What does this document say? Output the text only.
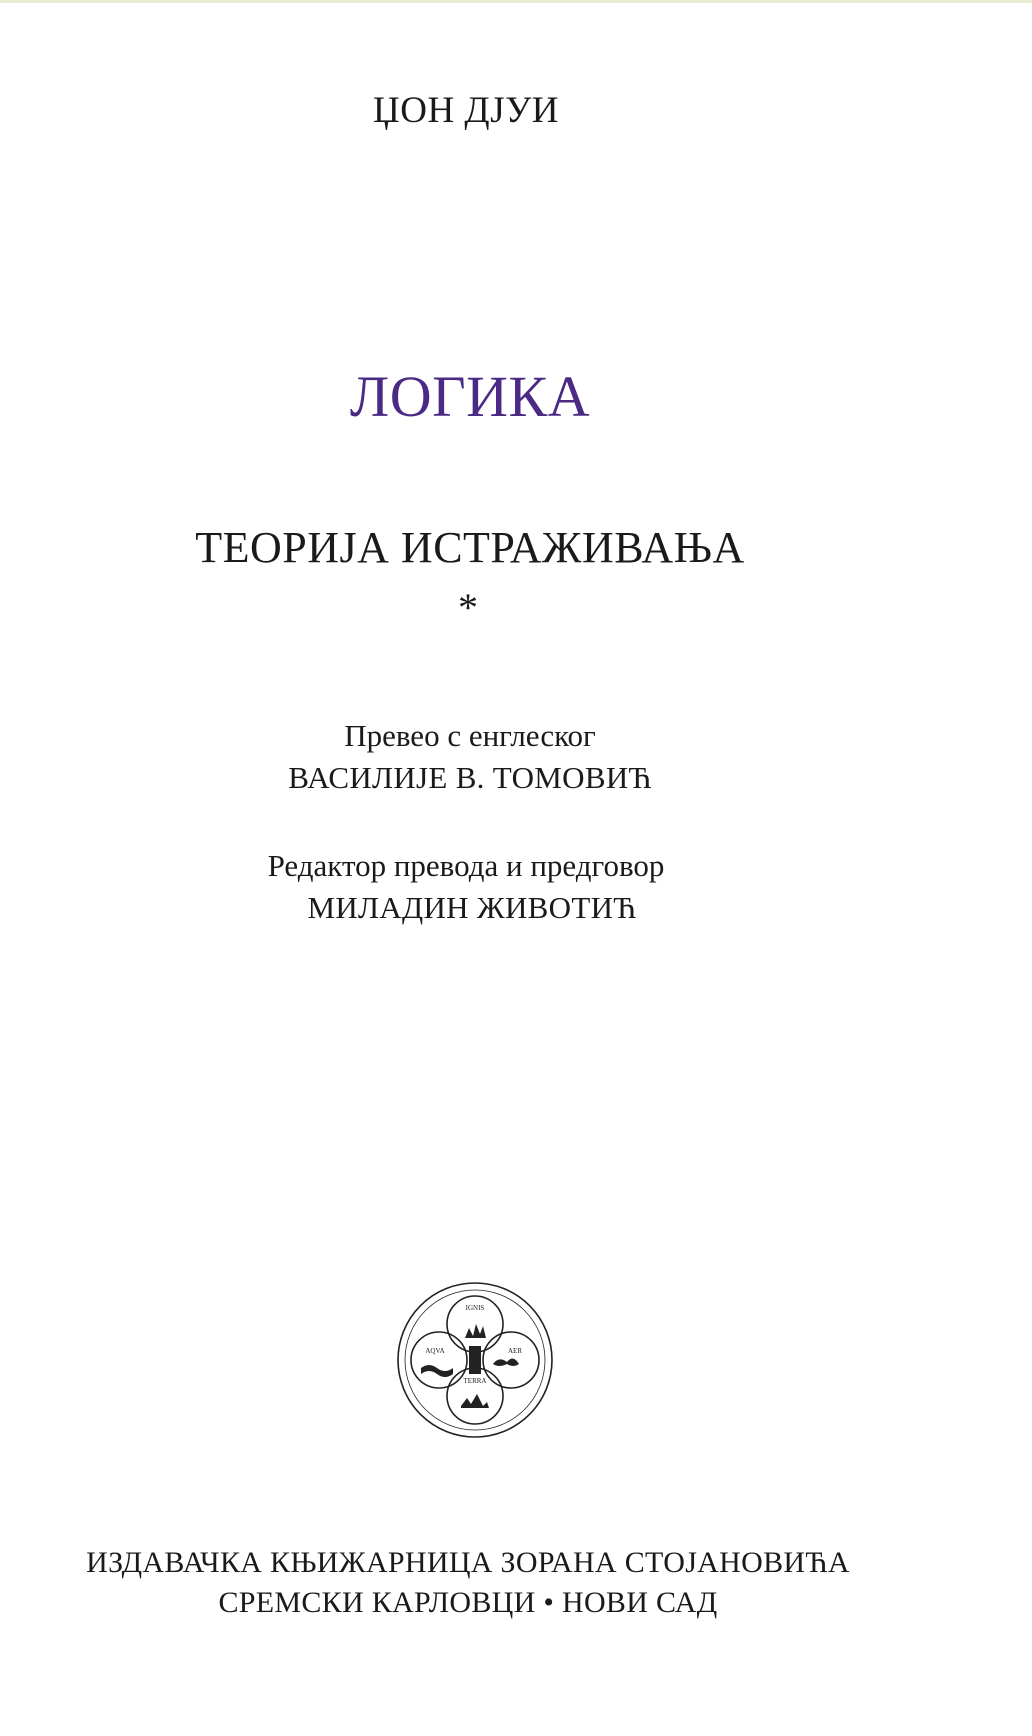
ЏОН ДЈУИ
ЛОГИКА
ТЕОРИЈА ИСТРАЖИВАЊА
*
Превео с енглеског
ВАСИЛИЈЕ В. ТОМОВИЋ
Редактор превода и предговор
МИЛАДИН ЖИВОТИЋ
IGNIS
AQVA	AER
TERRA
ИЗДАВАЧКА КЊИЖАРНИЦА ЗОРАНА СТОЈАНОВИЋА
СРЕМСКИ КАРЛОВЦИ • НОВИ САД
